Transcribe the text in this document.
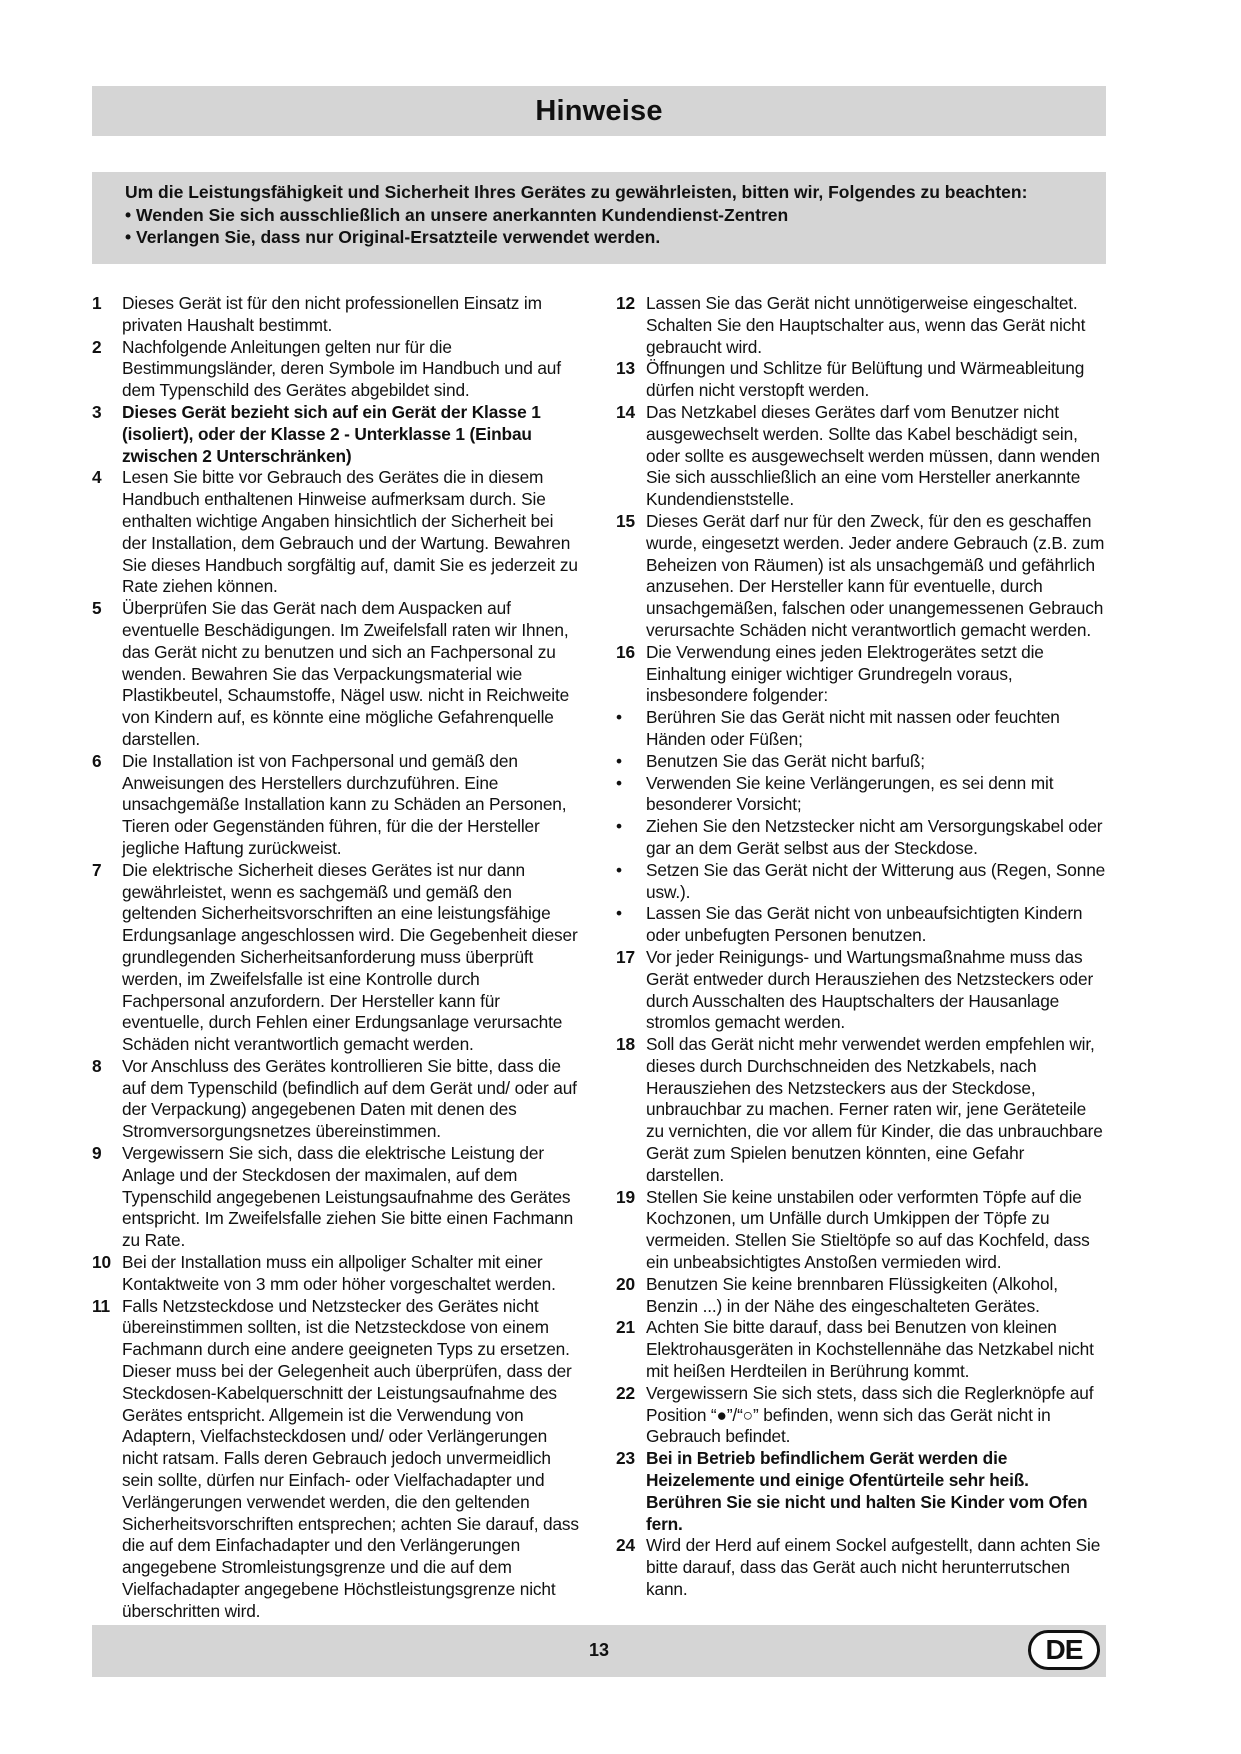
Hinweise
Um die Leistungsfähigkeit und Sicherheit Ihres Gerätes zu gewährleisten, bitten wir, Folgendes zu beachten:
• Wenden Sie sich ausschließlich an unsere anerkannten Kundendienst-Zentren
• Verlangen Sie, dass nur Original-Ersatzteile verwendet werden.
1 Dieses Gerät ist für den nicht professionellen Einsatz im privaten Haushalt bestimmt.
2 Nachfolgende Anleitungen gelten nur für die Bestimmungsländer, deren Symbole im Handbuch und auf dem Typenschild des Gerätes abgebildet sind.
3 Dieses Gerät bezieht sich auf ein Gerät der Klasse 1 (isoliert), oder der Klasse 2 - Unterklasse 1 (Einbau zwischen 2 Unterschränken)
4 Lesen Sie bitte vor Gebrauch des Gerätes die in diesem Handbuch enthaltenen Hinweise aufmerksam durch. Sie enthalten wichtige Angaben hinsichtlich der Sicherheit bei der Installation, dem Gebrauch und der Wartung. Bewahren Sie dieses Handbuch sorgfältig auf, damit Sie es jederzeit zu Rate ziehen können.
5 Überprüfen Sie das Gerät nach dem Auspacken auf eventuelle Beschädigungen. Im Zweifelsfall raten wir Ihnen, das Gerät nicht zu benutzen und sich an Fachpersonal zu wenden. Bewahren Sie das Verpackungsmaterial wie Plastikbeutel, Schaumstoffe, Nägel usw. nicht in Reichweite von Kindern auf, es könnte eine mögliche Gefahrenquelle darstellen.
6 Die Installation ist von Fachpersonal und gemäß den Anweisungen des Herstellers durchzuführen. Eine unsachgemäße Installation kann zu Schäden an Personen, Tieren oder Gegenständen führen, für die der Hersteller jegliche Haftung zurückweist.
7 Die elektrische Sicherheit dieses Gerätes ist nur dann gewährleistet, wenn es sachgemäß und gemäß den geltenden Sicherheitsvorschriften an eine leistungsfähige Erdungsanlage angeschlossen wird. Die Gegebenheit dieser grundlegenden Sicherheitsanforderung muss überprüft werden, im Zweifelsfalle ist eine Kontrolle durch Fachpersonal anzufordern. Der Hersteller kann für eventuelle, durch Fehlen einer Erdungsanlage verursachte Schäden nicht verantwortlich gemacht werden.
8 Vor Anschluss des Gerätes kontrollieren Sie bitte, dass die auf dem Typenschild (befindlich auf dem Gerät und/ oder auf der Verpackung) angegebenen Daten mit denen des Stromversorgungsnetzes übereinstimmen.
9 Vergewissern Sie sich, dass die elektrische Leistung der Anlage und der Steckdosen der maximalen, auf dem Typenschild angegebenen Leistungsaufnahme des Gerätes entspricht. Im Zweifelsfalle ziehen Sie bitte einen Fachmann zu Rate.
10 Bei der Installation muss ein allpoliger Schalter mit einer Kontaktweite von 3 mm oder höher vorgeschaltet werden.
11 Falls Netzsteckdose und Netzstecker des Gerätes nicht übereinstimmen sollten, ist die Netzsteckdose von einem Fachmann durch eine andere geeigneten Typs zu ersetzen. Dieser muss bei der Gelegenheit auch überprüfen, dass der Steckdosen-Kabelquerschnitt der Leistungsaufnahme des Gerätes entspricht. Allgemein ist die Verwendung von Adaptern, Vielfachsteckdosen und/ oder Verlängerungen nicht ratsam. Falls deren Gebrauch jedoch unvermeidlich sein sollte, dürfen nur Einfach- oder Vielfachadapter und Verlängerungen verwendet werden, die den geltenden Sicherheitsvorschriften entsprechen; achten Sie darauf, dass die auf dem Einfachadapter und den Verlängerungen angegebene Stromleistungsgrenze und die auf dem Vielfachadapter angegebene Höchstleistungsgrenze nicht überschritten wird.
12 Lassen Sie das Gerät nicht unnötigerweise eingeschaltet. Schalten Sie den Hauptschalter aus, wenn das Gerät nicht gebraucht wird.
13 Öffnungen und Schlitze für Belüftung und Wärmeableitung dürfen nicht verstopft werden.
14 Das Netzkabel dieses Gerätes darf vom Benutzer nicht ausgewechselt werden. Sollte das Kabel beschädigt sein, oder sollte es ausgewechselt werden müssen, dann wenden Sie sich ausschließlich an eine vom Hersteller anerkannte Kundendienststelle.
15 Dieses Gerät darf nur für den Zweck, für den es geschaffen wurde, eingesetzt werden. Jeder andere Gebrauch (z.B. zum Beheizen von Räumen) ist als unsachgemäß und gefährlich anzusehen. Der Hersteller kann für eventuelle, durch unsachgemäßen, falschen oder unangemessenen Gebrauch verursachte Schäden nicht verantwortlich gemacht werden.
16 Die Verwendung eines jeden Elektrogerätes setzt die Einhaltung einiger wichtiger Grundregeln voraus, insbesondere folgender:
• Berühren Sie das Gerät nicht mit nassen oder feuchten Händen oder Füßen;
• Benutzen Sie das Gerät nicht barfuß;
• Verwenden Sie keine Verlängerungen, es sei denn mit besonderer Vorsicht;
• Ziehen Sie den Netzstecker nicht am Versorgungskabel oder gar an dem Gerät selbst aus der Steckdose.
• Setzen Sie das Gerät nicht der Witterung aus (Regen, Sonne usw.).
• Lassen Sie das Gerät nicht von unbeaufsichtigten Kindern oder unbefugten Personen benutzen.
17 Vor jeder Reinigungs- und Wartungsmaßnahme muss das Gerät entweder durch Herausziehen des Netzsteckers oder durch Ausschalten des Hauptschalters der Hausanlage stromlos gemacht werden.
18 Soll das Gerät nicht mehr verwendet werden empfehlen wir, dieses durch Durchschneiden des Netzkabels, nach Herausziehen des Netzsteckers aus der Steckdose, unbrauchbar zu machen. Ferner raten wir, jene Geräteteile zu vernichten, die vor allem für Kinder, die das unbrauchbare Gerät zum Spielen benutzen könnten, eine Gefahr darstellen.
19 Stellen Sie keine unstabilen oder verformten Töpfe auf die Kochzonen, um Unfälle durch Umkippen der Töpfe zu vermeiden. Stellen Sie Stieltöpfe so auf das Kochfeld, dass ein unbeabsichtigtes Anstoßen vermieden wird.
20 Benutzen Sie keine brennbaren Flüssigkeiten (Alkohol, Benzin ...) in der Nähe des eingeschalteten Gerätes.
21 Achten Sie bitte darauf, dass bei Benutzen von kleinen Elektrohausgeräten in Kochstellennähe das Netzkabel nicht mit heißen Herdteilen in Berührung kommt.
22 Vergewissern Sie sich stets, dass sich die Reglerknöpfe auf Position “●”/“○” befinden, wenn sich das Gerät nicht in Gebrauch befindet.
23 Bei in Betrieb befindlichem Gerät werden die Heizelemente und einige Ofentürteile sehr heiß. Berühren Sie sie nicht und halten Sie Kinder vom Ofen fern.
24 Wird der Herd auf einem Sockel aufgestellt, dann achten Sie bitte darauf, dass das Gerät auch nicht herunterrutschen kann.
13	DE
